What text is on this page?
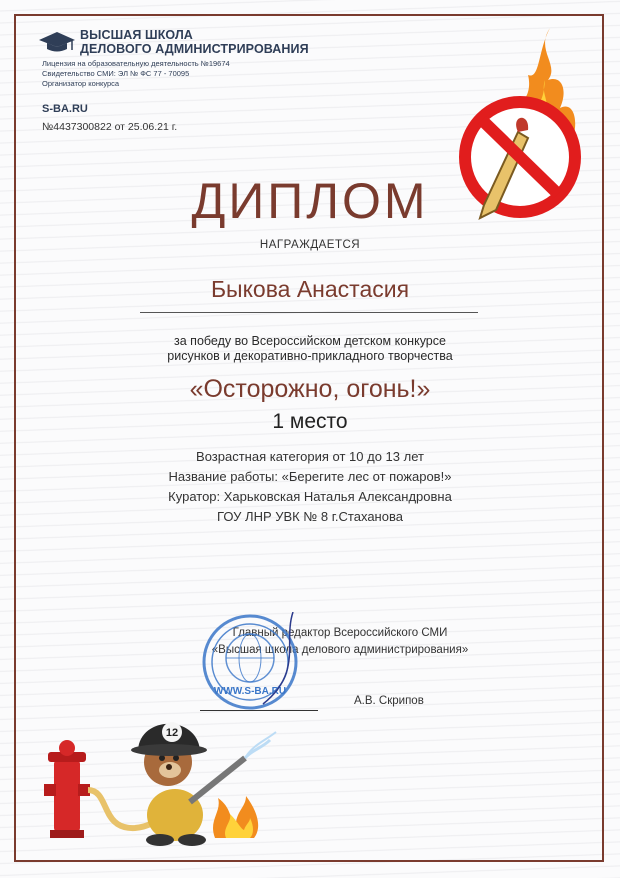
ВЫСШАЯ ШКОЛА
ДЕЛОВОГО АДМИНИСТРИРОВАНИЯ
Лицензия на образовательную деятельность №19674
Свидетельство СМИ: ЭЛ № ФС 77 - 70095
Организатор конкурса
S-BA.RU
№4437300822 от 25.06.21 г.
ДИПЛОМ
НАГРАЖДАЕТСЯ
Быкова Анастасия
за победу во Всероссийском детском конкурсе
рисунков и декоративно-прикладного творчества
«Осторожно, огонь!»
1 место
Возрастная категория от 10 до 13 лет
Название работы: «Берегите лес от пожаров!»
Куратор: Харьковская Наталья Александровна
ГОУ ЛНР УВК № 8 г.Стаханова
Главный редактор Всероссийского СМИ
«Высшая школа делового администрирования»
WWW.S-BA.RU
А.В. Скрипов
12
